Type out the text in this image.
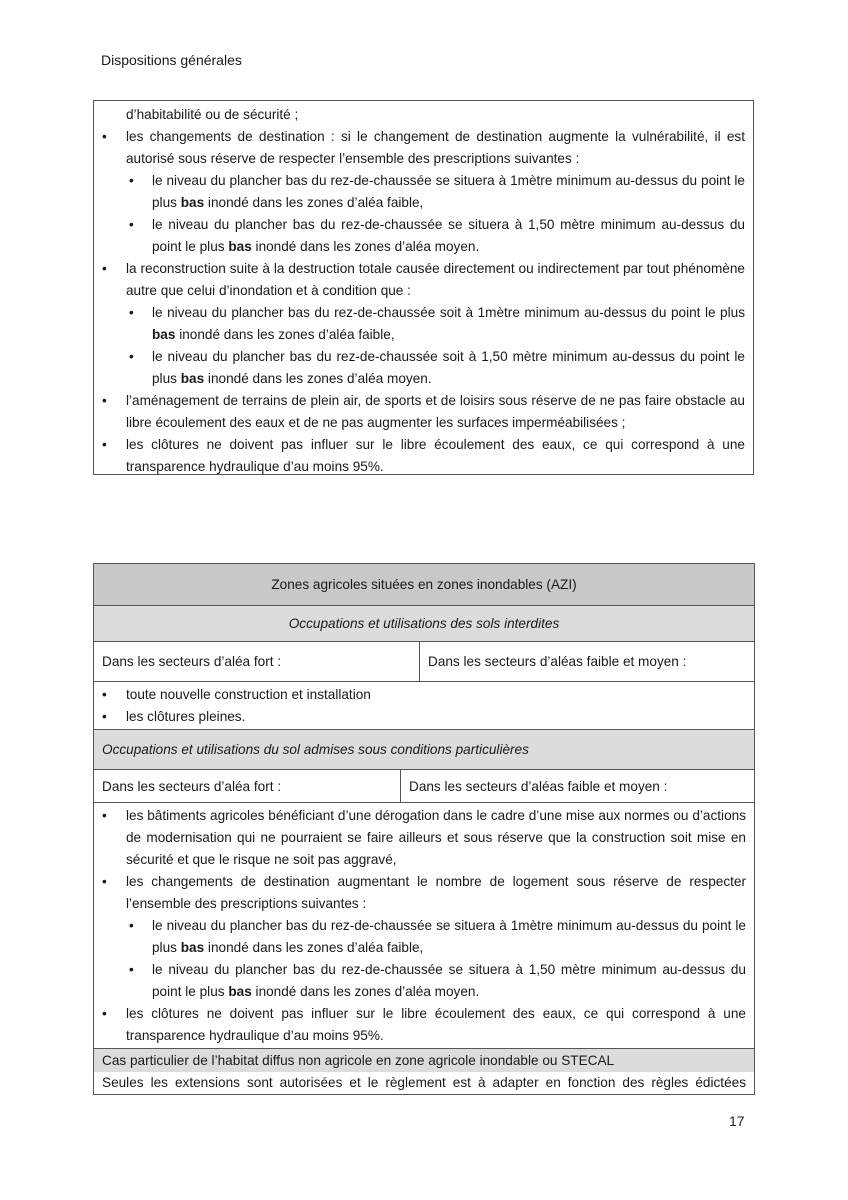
Dispositions générales
d’habitabilité ou de sécurité ;
• les changements de destination : si le changement de destination augmente la vulnérabilité, il est autorisé sous réserve de respecter l’ensemble des prescriptions suivantes :
• le niveau du plancher bas du rez-de-chaussée se situera à 1mètre minimum au-dessus du point le plus bas inondé dans les zones d’aléa faible,
• le niveau du plancher bas du rez-de-chaussée se situera à 1,50 mètre minimum au-dessus du point le plus bas inondé dans les zones d’aléa moyen.
• la reconstruction suite à la destruction totale causée directement ou indirectement par tout phénomène autre que celui d’inondation et à condition que :
• le niveau du plancher bas du rez-de-chaussée soit à 1mètre minimum au-dessus du point le plus bas inondé dans les zones d’aléa faible,
• le niveau du plancher bas du rez-de-chaussée soit à 1,50 mètre minimum au-dessus du point le plus bas inondé dans les zones d’aléa moyen.
• l’aménagement de terrains de plein air, de sports et de loisirs sous réserve de ne pas faire obstacle au libre écoulement des eaux et de ne pas augmenter les surfaces imperméabilisées ;
• les clôtures ne doivent pas influer sur le libre écoulement des eaux, ce qui correspond à une transparence hydraulique d’au moins 95%.
Zones agricoles situées en zones inondables (AZI)
Occupations et utilisations des sols interdites
Dans les secteurs d’aléa fort :	Dans les secteurs d’aléas faible et moyen :
• toute nouvelle construction et installation
• les clôtures pleines.
Occupations et utilisations du sol admises sous conditions particulières
Dans les secteurs d’aléa fort :	Dans les secteurs d’aléas faible et moyen :
• les bâtiments agricoles bénéficiant d’une dérogation dans le cadre d’une mise aux normes ou d’actions de modernisation qui ne pourraient se faire ailleurs et sous réserve que la construction soit mise en sécurité et que le risque ne soit pas aggravé,
• les changements de destination augmentant le nombre de logement sous réserve de respecter l’ensemble des prescriptions suivantes :
• le niveau du plancher bas du rez-de-chaussée se situera à 1mètre minimum au-dessus du point le plus bas inondé dans les zones d’aléa faible,
• le niveau du plancher bas du rez-de-chaussée se situera à 1,50 mètre minimum au-dessus du point le plus bas inondé dans les zones d’aléa moyen.
• les clôtures ne doivent pas influer sur le libre écoulement des eaux, ce qui correspond à une transparence hydraulique d’au moins 95%.
Cas particulier de l’habitat diffus non agricole en zone agricole inondable ou STECAL
Seules les extensions sont autorisées et le règlement est à adapter en fonction des règles édictées
17
